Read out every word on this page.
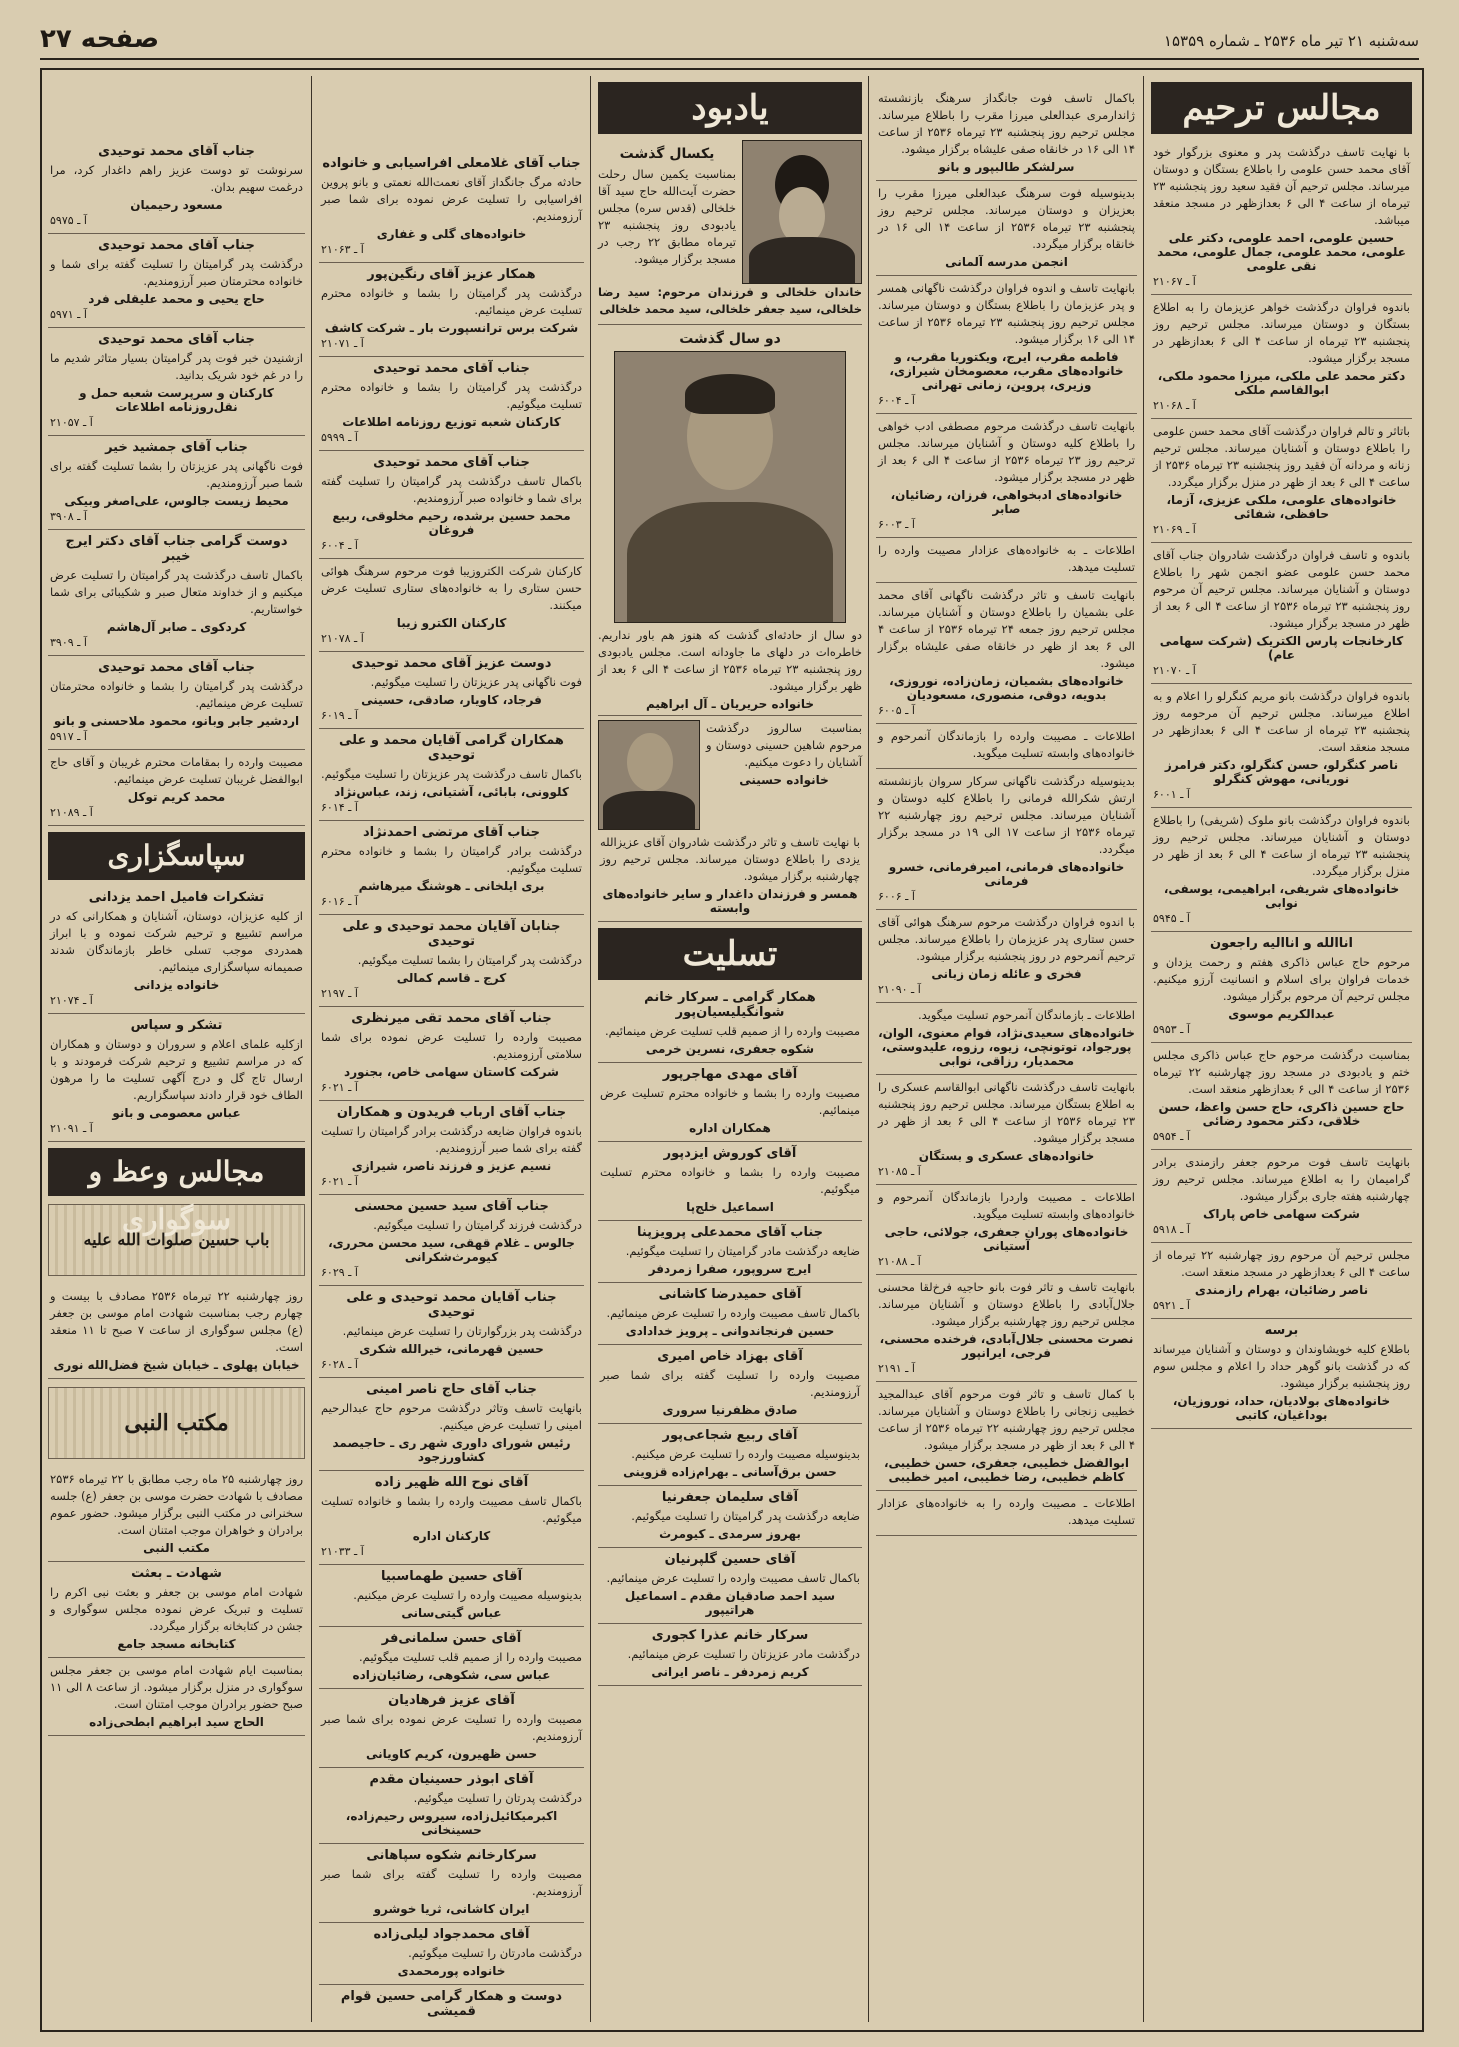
صفحه ۲۷	سه‌شنبه ۲۱ تیر ماه ۲۵۳۶ ـ شماره ۱۵۳۵۹
مجالس ترحیم
با نهایت تاسف درگذشت پدر و معنوی بزرگوار خود آقای محمد حسن علومی را باطلاع بستگان و دوستان میرساند. مجلس ترحیم آن فقید سعید روز پنجشنبه ۲۳ تیرماه از ساعت ۴ الی ۶ بعدازظهر در مسجد منعقد میباشد.
حسین علومی، احمد علومی، دکتر علی علومی، محمد علومی، جمال علومی، محمد نقی علومی
آ ـ ۲۱۰۶۷
باندوه فراوان درگذشت خواهر عزیزمان را به اطلاع بستگان و دوستان میرساند. مجلس ترحیم روز پنجشنبه ۲۳ تیرماه از ساعت ۴ الی ۶ بعدازظهر در مسجد برگزار میشود.
دکتر محمد علی ملکی، میرزا محمود ملکی، ابوالقاسم ملکی
آ ـ ۲۱۰۶۸
باتاثر و تالم فراوان درگذشت آقای محمد حسن علومی را باطلاع دوستان و آشنایان میرساند. مجلس ترحیم زنانه و مردانه آن فقید روز پنجشنبه ۲۳ تیرماه ۲۵۳۶ از ساعت ۴ الی ۶ بعد از ظهر در منزل برگزار میگردد.
خانواده‌های علومی، ملکی عزیزی، آزما، حافظی، شفائی
آ ـ ۲۱۰۶۹
باندوه و تاسف فراوان درگذشت شادروان جناب آقای محمد حسن علومی عضو انجمن شهر را باطلاع دوستان و آشنایان میرساند. مجلس ترحیم آن مرحوم روز پنجشنبه ۲۳ تیرماه ۲۵۳۶ از ساعت ۴ الی ۶ بعد از ظهر در مسجد برگزار میشود.
کارخانجات پارس الکتریک (شرکت سهامی عام)
آ ـ ۲۱۰۷۰
باندوه فراوان درگذشت بانو مریم کنگرلو را اعلام و به اطلاع میرساند. مجلس ترحیم آن مرحومه روز پنجشنبه ۲۳ تیرماه از ساعت ۴ الی ۶ بعدازظهر در مسجد منعقد است.
ناصر کنگرلو، حسن کنگرلو، دکتر فرامرز نوریانی، مهوش کنگرلو
آ ـ ۶۰۰۱
باندوه فراوان درگذشت بانو ملوک (شریفی) را باطلاع دوستان و آشنایان میرساند. مجلس ترحیم روز پنجشنبه ۲۳ تیرماه از ساعت ۴ الی ۶ بعد از ظهر در منزل برگزار میگردد.
خانواده‌های شریفی، ابراهیمی، یوسفی، نوابی
آ ـ ۵۹۴۵
اناالله و اناالیه راجعون
مرحوم حاج عباس ذاکری هفتم و رحمت یزدان و خدمات فراوان برای اسلام و انسانیت آرزو میکنیم. مجلس ترحیم آن مرحوم برگزار میشود.
عبدالکریم موسوی
آ ـ ۵۹۵۳
بمناسبت درگذشت مرحوم حاج عباس ذاکری مجلس ختم و یادبودی در مسجد روز چهارشنبه ۲۲ تیرماه ۲۵۳۶ از ساعت ۴ الی ۶ بعدازظهر منعقد است.
حاج حسین ذاکری، حاج حسن واعظ، حسن خلاقی، دکتر محمود رضائی
آ ـ ۵۹۵۴
بانهایت تاسف فوت مرحوم جعفر رازمندی برادر گرامیمان را به اطلاع میرساند. مجلس ترحیم روز چهارشنبه هفته جاری برگزار میشود.
شرکت سهامی خاص پاراک
آ ـ ۵۹۱۸
مجلس ترحیم آن مرحوم روز چهارشنبه ۲۲ تیرماه از ساعت ۴ الی ۶ بعدازظهر در مسجد منعقد است.
ناصر رضائیان، بهرام رازمندی
آ ـ ۵۹۲۱
برسه
باطلاع کلیه خویشاوندان و دوستان و آشنایان میرساند که در گذشت بانو گوهر حداد را اعلام و مجلس سوم روز پنجشنبه برگزار میشود.
خانواده‌های بولادیان، حداد، نوروزیان، بوداغیان، کاتبی
باکمال تاسف فوت جانگداز سرهنگ بازنشسته ژاندارمری عبدالعلی میرزا مقرب را باطلاع میرساند. مجلس ترحیم روز پنجشنبه ۲۳ تیرماه ۲۵۳۶ از ساعت ۱۴ الی ۱۶ در خانقاه صفی علیشاه برگزار میشود.
سرلشکر طالبپور و بانو
بدینوسیله فوت سرهنگ عبدالعلی میرزا مقرب را بعزیزان و دوستان میرساند. مجلس ترحیم روز پنجشنبه ۲۳ تیرماه ۲۵۳۶ از ساعت ۱۴ الی ۱۶ در خانقاه برگزار میگردد.
انجمن مدرسه آلمانی
بانهایت تاسف و اندوه فراوان درگذشت ناگهانی همسر و پدر عزیزمان را باطلاع بستگان و دوستان میرساند. مجلس ترحیم روز پنجشنبه ۲۳ تیرماه ۲۵۳۶ از ساعت ۱۴ الی ۱۶ برگزار میشود.
فاطمه مقرب، ایرج، ویکتوریا مقرب، و خانواده‌های مقرب، معصومخان شیرازی، وزیری، پروین، زمانی تهرانی
آ ـ ۶۰۰۴
بانهایت تاسف درگذشت مرحوم مصطفی ادب خواهی را باطلاع کلیه دوستان و آشنایان میرساند. مجلس ترحیم روز ۲۳ تیرماه ۲۵۳۶ از ساعت ۴ الی ۶ بعد از ظهر در مسجد برگزار میشود.
خانواده‌های ادبخواهی، فرزان، رضائیان، صابر
آ ـ ۶۰۰۳
اطلاعات ـ به خانواده‌های عزادار مصیبت وارده را تسلیت میدهد.
بانهایت تاسف و تاثر درگذشت ناگهانی آقای محمد علی بشمیان را باطلاع دوستان و آشنایان میرساند. مجلس ترحیم روز جمعه ۲۴ تیرماه ۲۵۳۶ از ساعت ۴ الی ۶ بعد از ظهر در خانقاه صفی علیشاه برگزار میشود.
خانواده‌های بشمیان، زمان‌زاده، نوروزی، بدویه، دوقی، منصوری، مسعودیان
آ ـ ۶۰۰۵
اطلاعات ـ مصیبت وارده را بازماندگان آنمرحوم و خانواده‌های وابسته تسلیت میگوید.
بدینوسیله درگذشت ناگهانی سرکار سروان بازنشسته ارتش شکرالله فرمانی را باطلاع کلیه دوستان و آشنایان میرساند. مجلس ترحیم روز چهارشنبه ۲۲ تیرماه ۲۵۳۶ از ساعت ۱۷ الی ۱۹ در مسجد برگزار میگردد.
خانواده‌های فرمانی، امیرفرمانی، خسرو فرمانی
آ ـ ۶۰۰۶
با اندوه فراوان درگذشت مرحوم سرهنگ هوائی آقای حسن ستاری پدر عزیزمان را باطلاع میرساند. مجلس ترحیم آنمرحوم در روز پنجشنبه برگزار میشود.
فخری و عائله زمان زبانی
آ ـ ۲۱۰۹۰
اطلاعات ـ بازماندگان آنمرحوم تسلیت میگوید.
خانواده‌های سعیدی‌نژاد، فوام معنوی، الوان، پورجواد، توتونچی، زیوه، رزوه، علیدوستی، محمدیار، رزاقی، نوابی
بانهایت تاسف درگذشت ناگهانی ابوالقاسم عسکری را به اطلاع بستگان میرساند. مجلس ترحیم روز پنجشنبه ۲۳ تیرماه ۲۵۳۶ از ساعت ۴ الی ۶ بعد از ظهر در مسجد برگزار میشود.
خانواده‌های عسکری و بستگان
آ ـ ۲۱۰۸۵
اطلاعات ـ مصیبت واردرا بازماندگان آنمرحوم و خانواده‌های وابسته تسلیت میگوید.
خانواده‌های پوران جعفری، جولائی، حاجی آستیانی
آ ـ ۲۱۰۸۸
بانهایت تاسف و تاثر فوت بانو حاجیه فرخ‌لقا محسنی جلال‌آبادی را باطلاع دوستان و آشنایان میرساند. مجلس ترحیم روز چهارشنبه برگزار میشود.
نصرت محسنی جلال‌آبادی، فرخنده محسنی، فرجی، ایرانپور
آ ـ ۲۱۹۱
با کمال تاسف و تاثر فوت مرحوم آقای عبدالمجید خطیبی زنجانی را باطلاع دوستان و آشنایان میرساند. مجلس ترحیم روز چهارشنبه ۲۲ تیرماه ۲۵۳۶ از ساعت ۴ الی ۶ بعد از ظهر در مسجد برگزار میشود.
ابوالفضل خطیبی، جعفری، حسن خطیبی، کاظم خطیبی، رضا خطیبی، امیر خطیبی
اطلاعات ـ مصیبت وارده را به خانواده‌های عزادار تسلیت میدهد.
یادبود
یکسال گذشت
بمناسبت یکمین سال رحلت حضرت آیت‌الله حاج سید آقا خلخالی (قدس سره) مجلس یادبودی روز پنجشنبه ۲۳ تیرماه مطابق ۲۲ رجب در مسجد برگزار میشود.
خاندان خلخالی و فرزندان مرحوم: سید رضا خلخالی، سید جعفر خلخالی، سید محمد خلخالی
دو سال گذشت
دو سال از حادثه‌ای گذشت که هنوز هم باور نداریم. خاطره‌ات در دلهای ما جاودانه است. مجلس یادبودی روز پنجشنبه ۲۳ تیرماه ۲۵۳۶ از ساعت ۴ الی ۶ بعد از ظهر برگزار میشود.
خانواده حریریان ـ آل ابراهیم
بمناسبت سالروز درگذشت مرحوم شاهین حسینی دوستان و آشنایان را دعوت میکنیم.
خانواده حسینی
با نهایت تاسف و تاثر درگذشت شادروان آقای عزیزالله یزدی را باطلاع دوستان میرساند. مجلس ترحیم روز چهارشنبه برگزار میشود.
همسر و فرزندان داغدار و سایر خانواده‌های وابسته
تسلیت
همکار گرامی ـ سرکار خانم شوانگیلیسیان‌پور
مصیبت وارده را از صمیم قلب تسلیت عرض مینمائیم.
شکوه جعفری، نسرین خرمی
آقای مهدی مهاجرپور
مصیبت وارده را بشما و خانواده محترم تسلیت عرض مینمائیم.
همکاران اداره
آقای کوروش ایزدپور
مصیبت وارده را بشما و خانواده محترم تسلیت میگوئیم.
اسماعیل خلج‌پا
جناب آقای محمدعلی پرویزپنا
ضایعه درگذشت مادر گرامیتان را تسلیت میگوئیم.
ایرج سروپور، صفرا زمردفر
آقای حمیدرضا کاشانی
باکمال تاسف مصیبت وارده را تسلیت عرض مینمائیم.
حسین فرنجاندوانی ـ پرویز خدادادی
آقای بهزاد خاص امیری
مصیبت وارده را تسلیت گفته برای شما صبر آرزومندیم.
صادق مظفرنیا سروری
آقای ربیع شجاعی‌پور
بدینوسیله مصیبت وارده را تسلیت عرض میکنیم.
حسن برق‌آسانی ـ بهرام‌زاده قزوینی
آقای سلیمان جعفرنیا
ضایعه درگذشت پدر گرامیتان را تسلیت میگوئیم.
بهروز سرمدی ـ کیومرث
آقای حسین گلپرنیان
باکمال تاسف مصیبت وارده را تسلیت عرض مینمائیم.
سید احمد صادقیان مقدم ـ اسماعیل هراتیپور
سرکار خانم عذرا کجوری
درگذشت مادر عزیزتان را تسلیت عرض مینمائیم.
کریم زمردفر ـ ناصر ایرانی
جناب آقای غلامعلی افراسیابی و خانواده
حادثه مرگ جانگداز آقای نعمت‌الله نعمتی و بانو پروین افراسیابی را تسلیت عرض نموده برای شما صبر آرزومندیم.
خانواده‌های گلی و غفاری
آ ـ ۲۱۰۶۳
همکار عزیز آقای رنگین‌پور
درگذشت پدر گرامیتان را بشما و خانواده محترم تسلیت عرض مینمائیم.
شرکت برس ترانسپورت بار ـ شرکت کاشف
آ ـ ۲۱۰۷۱
جناب آقای محمد توحیدی
درگذشت پدر گرامیتان را بشما و خانواده محترم تسلیت میگوئیم.
کارکنان شعبه توزیع روزنامه اطلاعات
آ ـ ۵۹۹۹
جناب آقای محمد توحیدی
باکمال تاسف درگذشت پدر گرامیتان را تسلیت گفته برای شما و خانواده صبر آرزومندیم.
محمد حسین برشده، رحیم مخلوقی، ربیع فروغان
آ ـ ۶۰۰۴
کارکنان شرکت الکتروزیبا فوت مرحوم سرهنگ هوائی حسن ستاری را به خانواده‌های ستاری تسلیت عرض میکنند.
کارکنان الکترو زیبا
آ ـ ۲۱۰۷۸
دوست عزیز آقای محمد توحیدی
فوت ناگهانی پدر عزیزتان را تسلیت میگوئیم.
فرجاد، کاویار، صادقی، حسینی
آ ـ ۶۰۱۹
همکاران گرامی آقایان محمد و علی توحیدی
باکمال تاسف درگذشت پدر عزیزتان را تسلیت میگوئیم.
کلوونی، بابائی، آشتیانی، زند، عباس‌نژاد
آ ـ ۶۰۱۴
جناب آقای مرتضی احمدنژاد
درگذشت برادر گرامیتان را بشما و خانواده محترم تسلیت میگوئیم.
بری ایلخانی ـ هوشنگ میرهاشم
آ ـ ۶۰۱۶
جنابان آقایان محمد توحیدی و علی توحیدی
درگذشت پدر گرامیتان را بشما تسلیت میگوئیم.
کرج ـ قاسم کمالی
آ ـ ۲۱۹۷
جناب آقای محمد تقی میرنظری
مصیبت وارده را تسلیت عرض نموده برای شما سلامتی آرزومندیم.
شرکت کاستان سهامی خاص، بجنورد
آ ـ ۶۰۲۱
جناب آقای ارباب فریدون و همکاران
باندوه فراوان ضایعه درگذشت برادر گرامیتان را تسلیت گفته برای شما صبر آرزومندیم.
نسیم عزیز و فرزند ناصر، شیرازی
آ ـ ۶۰۲۱
جناب آقای سید حسین محسنی
درگذشت فرزند گرامیتان را تسلیت میگوئیم.
جالوس ـ غلام قهقی، سید محسن محرری، کیومرث‌شکرانی
آ ـ ۶۰۲۹
جناب آقایان محمد توحیدی و علی توحیدی
درگذشت پدر بزرگوارتان را تسلیت عرض مینمائیم.
حسین قهرمانی، خیرالله شکری
آ ـ ۶۰۲۸
جناب آقای حاج ناصر امینی
بانهایت تاسف وتاثر درگذشت مرحوم حاج عبدالرحیم امینی را تسلیت عرض میکنیم.
رئیس شورای داوری شهر ری ـ حاجیصمد کشاورزجود
آقای نوح الله ظهیر زاده
باکمال تاسف مصیبت وارده را بشما و خانواده تسلیت میگوئیم.
کارکنان اداره
آ ـ ۲۱۰۳۳
آقای حسین طهماسبیا
بدینوسیله مصیبت وارده را تسلیت عرض میکنیم.
عباس گیتی‌سانی
آقای حسن سلمانی‌فر
مصیبت وارده را از صمیم قلب تسلیت میگوئیم.
عباس سی، شکوهی، رضائیان‌زاده
آقای عزیز فرهادیان
مصیبت وارده را تسلیت عرض نموده برای شما صبر آرزومندیم.
حسن ظهیرون، کریم کاویانی
آقای ابوذر حسینیان مقدم
درگذشت پدرتان را تسلیت میگوئیم.
اکبرمیکائیل‌زاده، سیروس رحیم‌زاده، حسینخانی
سرکارخانم شکوه سپاهانی
مصیبت وارده را تسلیت گفته برای شما صبر آرزومندیم.
ایران کاشانی، ثریا خوشرو
آقای محمدجواد لیلی‌زاده
درگذشت مادرتان را تسلیت میگوئیم.
خانواده پورمحمدی
دوست و همکار گرامی حسین قوام قمیشی
جناب آقای محمد توحیدی
سرنوشت تو دوست عزیز راهم داغدار کرد، مرا درغمت سهیم بدان.
مسعود رحیمیان
آ ـ ۵۹۷۵
جناب آقای محمد توحیدی
درگذشت پدر گرامیتان را تسلیت گفته برای شما و خانواده محترمتان صبر آرزومندیم.
حاج یحیی و محمد علیقلی فرد
آ ـ ۵۹۷۱
جناب آقای محمد توحیدی
ازشنیدن خبر فوت پدر گرامیتان بسیار متاثر شدیم ما را در غم خود شریک بدانید.
کارکنان و سرپرست شعبه حمل و نقل‌روزنامه اطلاعات
آ ـ ۲۱۰۵۷
جناب آقای جمشید خیر
فوت ناگهانی پدر عزیزتان را بشما تسلیت گفته برای شما صبر آرزومندیم.
محیط زیست جالوس، علی‌اصغر وبیکی
آ ـ ۳۹۰۸
دوست گرامی جناب آقای دکتر ایرج خیبر
باکمال تاسف درگذشت پدر گرامیتان را تسلیت عرض میکنیم و از خداوند متعال صبر و شکیبائی برای شما خواستاریم.
کردکوی ـ صابر آل‌هاشم
آ ـ ۳۹۰۹
جناب آقای محمد توحیدی
درگذشت پدر گرامیتان را بشما و خانواده محترمتان تسلیت عرض مینمائیم.
اردشیر جابر وبانو، محمود ملاحسنی و بانو
آ ـ ۵۹۱۷
مصیبت وارده را بمقامات محترم غریبان و آقای حاج ابوالفضل غریبان تسلیت عرض مینمائیم.
محمد کریم توکل
آ ـ ۲۱۰۸۹
سپاسگزاری
تشکرات فامیل احمد یزدانی
از کلیه عزیزان، دوستان، آشنایان و همکارانی که در مراسم تشییع و ترحیم شرکت نموده و با ابراز همدردی موجب تسلی خاطر بازماندگان شدند صمیمانه سپاسگزاری مینمائیم.
خانواده یزدانی
آ ـ ۲۱۰۷۴
تشکر و سپاس
ازکلیه علمای اعلام و سروران و دوستان و همکاران که در مراسم تشییع و ترحیم شرکت فرمودند و با ارسال تاج گل و درج آگهی تسلیت ما را مرهون الطاف خود قرار دادند سپاسگزاریم.
عباس معصومی و بانو
آ ـ ۲۱۰۹۱
مجالس وعظ و
باب حسین صلوات الله علیه
روز چهارشنبه ۲۲ تیرماه ۲۵۳۶ مصادف با بیست و چهارم رجب بمناسبت شهادت امام موسی بن جعفر (ع) مجلس سوگواری از ساعت ۷ صبح تا ۱۱ منعقد است.
خیابان پهلوی ـ خیابان شیخ فضل‌الله نوری
مکتب النبی
روز چهارشنبه ۲۵ ماه رجب مطابق با ۲۲ تیرماه ۲۵۳۶ مصادف با شهادت حضرت موسی بن جعفر (ع) جلسه سخنرانی در مکتب النبی برگزار میشود. حضور عموم برادران و خواهران موجب امتنان است.
مکتب النبی
شهادت ـ بعثت
شهادت امام موسی بن جعفر و بعثت نبی اکرم را تسلیت و تبریک عرض نموده مجلس سوگواری و جشن در کتابخانه برگزار میگردد.
کتابخانه مسجد جامع
بمناسبت ایام شهادت امام موسی بن جعفر مجلس سوگواری در منزل برگزار میشود. از ساعت ۸ الی ۱۱ صبح حضور برادران موجب امتنان است.
الحاج سید ابراهیم ابطحی‌زاده
